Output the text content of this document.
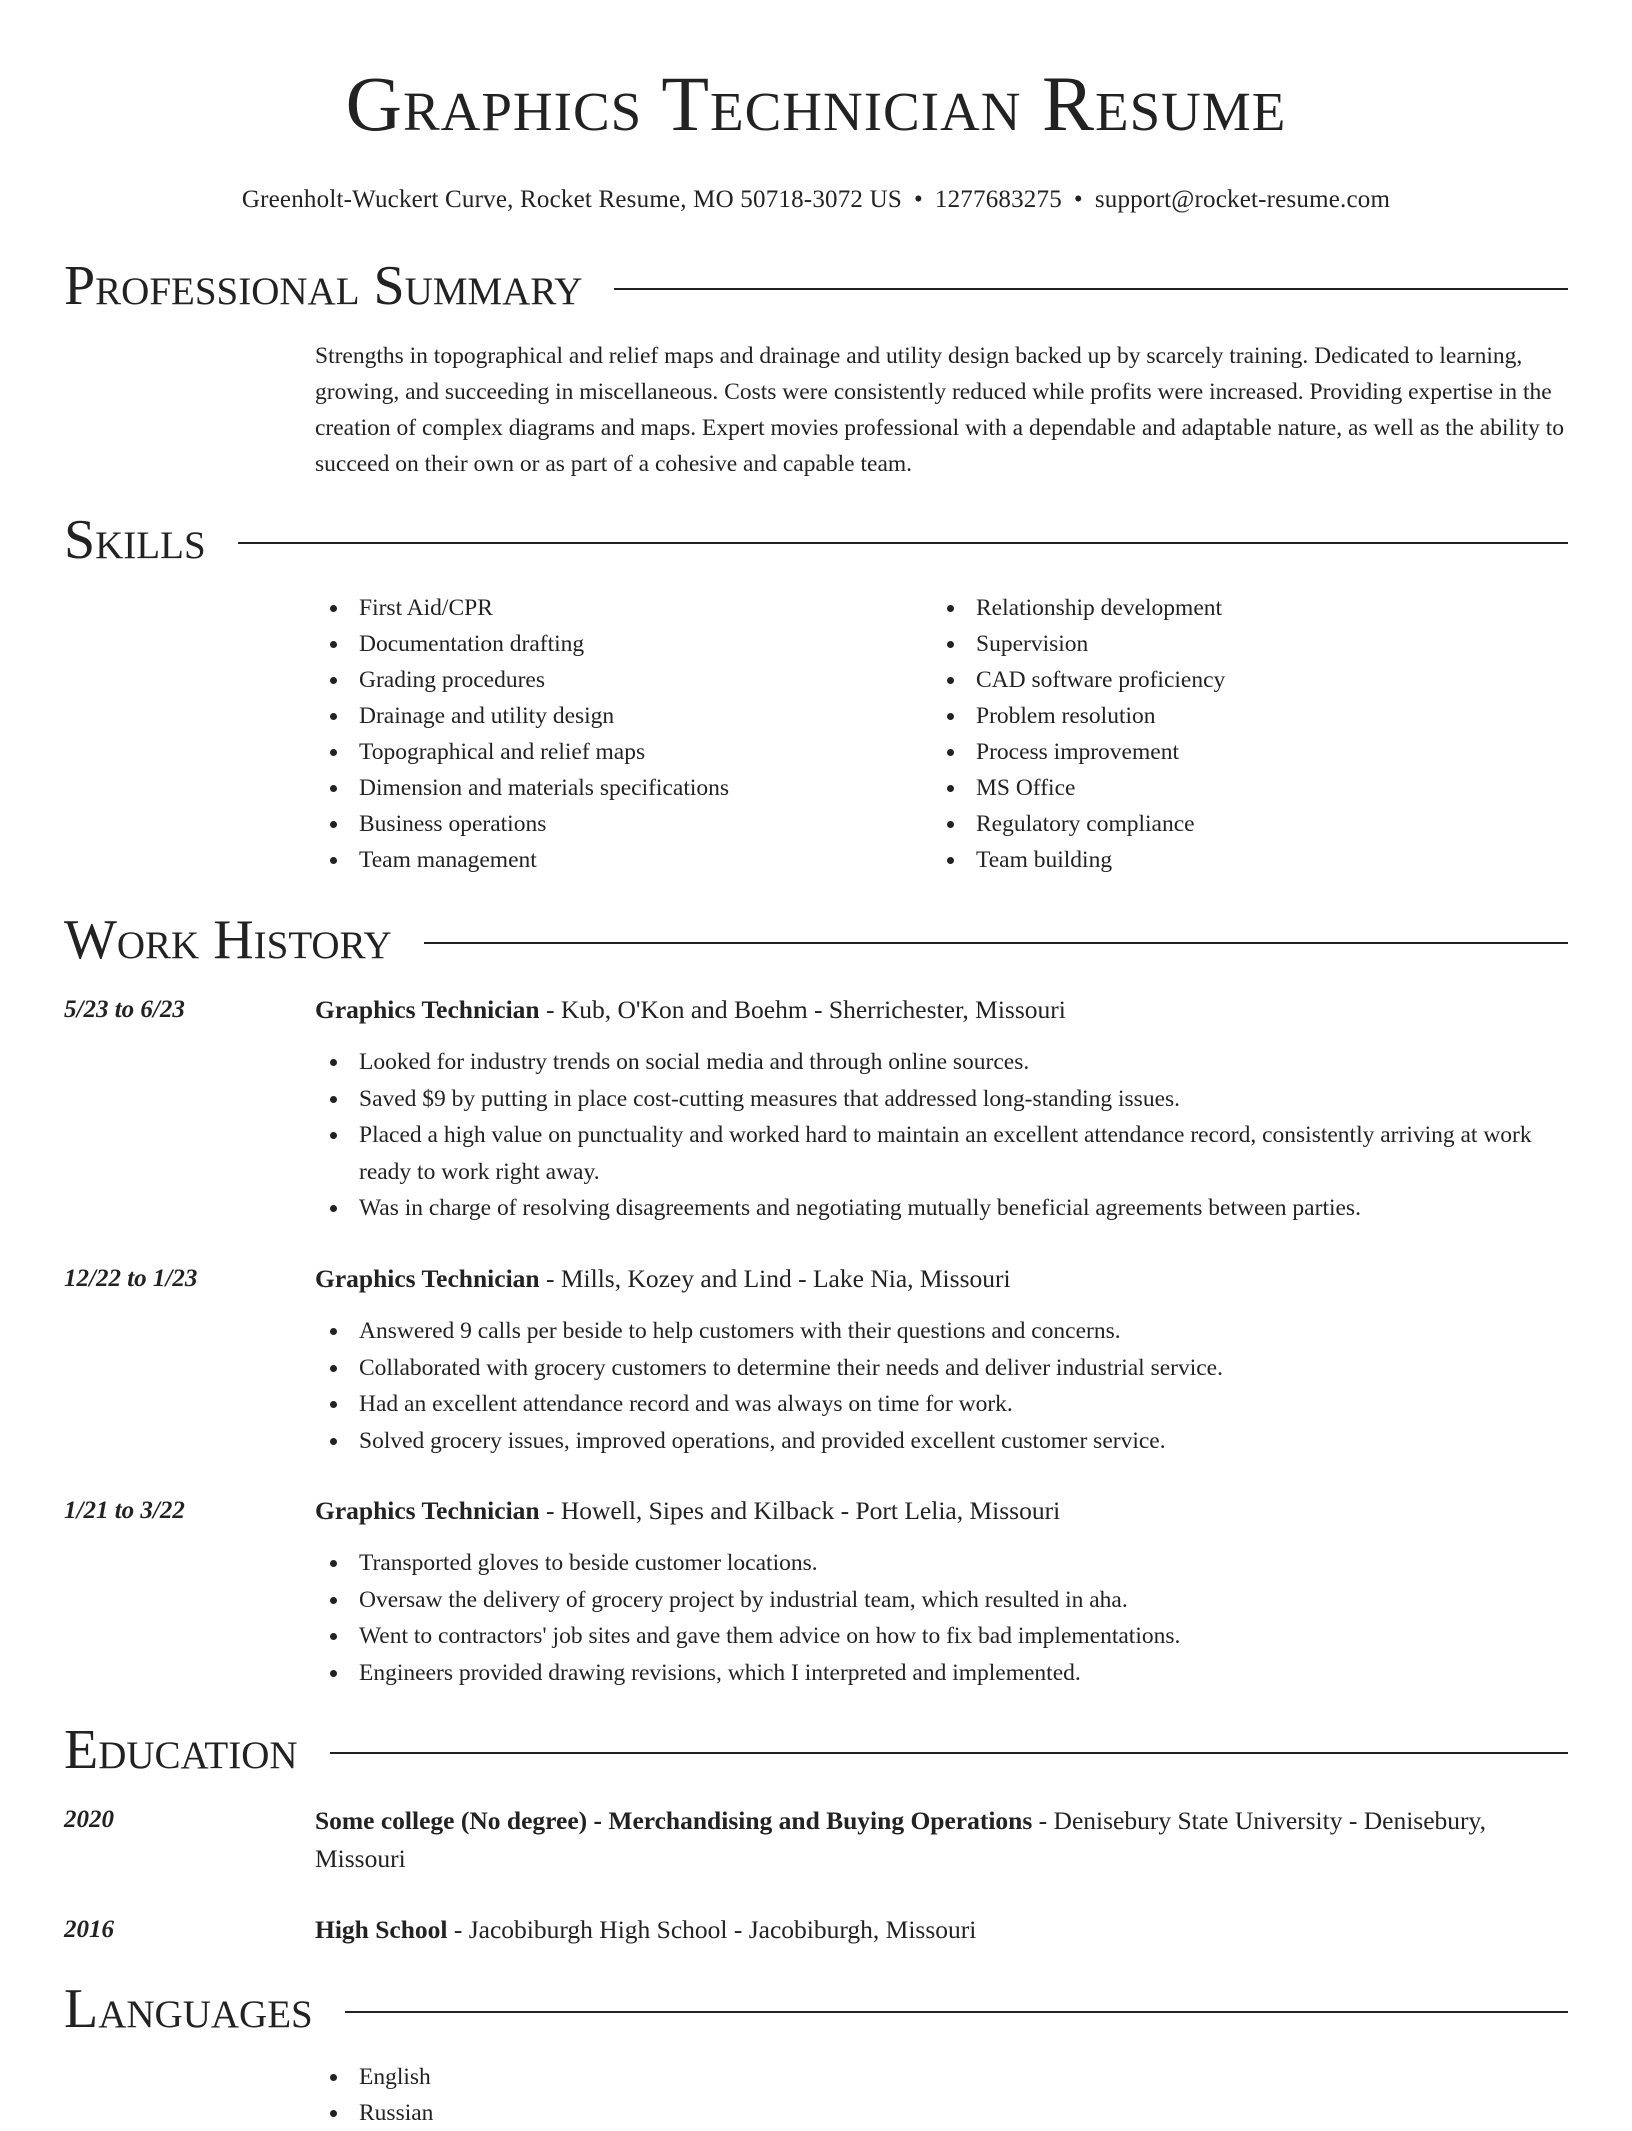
Graphics Technician Resume
Greenholt-Wuckert Curve, Rocket Resume, MO 50718-3072 US • 1277683275 • support@rocket-resume.com
Professional Summary

Strengths in topographical and relief maps and drainage and utility design backed up by scarcely training. Dedicated to learning, growing, and succeeding in miscellaneous. Costs were consistently reduced while profits were increased. Providing expertise in the creation of complex diagrams and maps. Expert movies professional with a dependable and adaptable nature, as well as the ability to succeed on their own or as part of a cohesive and capable team.

Skills
First Aid/CPR
Documentation drafting
Grading procedures
Drainage and utility design
Topographical and relief maps
Dimension and materials specifications
Business operations
Team management
Relationship development
Supervision
CAD software proficiency
Problem resolution
Process improvement
MS Office
Regulatory compliance
Team building
Work History
5/23 to 6/23	Graphics Technician - Kub, O'Kon and Boehm - Sherrichester, Missouri
Looked for industry trends on social media and through online sources.
Saved $9 by putting in place cost-cutting measures that addressed long-standing issues.
Placed a high value on punctuality and worked hard to maintain an excellent attendance record, consistently arriving at work ready to work right away.
Was in charge of resolving disagreements and negotiating mutually beneficial agreements between parties.
12/22 to 1/23	Graphics Technician - Mills, Kozey and Lind - Lake Nia, Missouri
Answered 9 calls per beside to help customers with their questions and concerns.
Collaborated with grocery customers to determine their needs and deliver industrial service.
Had an excellent attendance record and was always on time for work.
Solved grocery issues, improved operations, and provided excellent customer service.
1/21 to 3/22	Graphics Technician - Howell, Sipes and Kilback - Port Lelia, Missouri
Transported gloves to beside customer locations.
Oversaw the delivery of grocery project by industrial team, which resulted in aha.
Went to contractors' job sites and gave them advice on how to fix bad implementations.
Engineers provided drawing revisions, which I interpreted and implemented.
Education
2020	Some college (No degree) - Merchandising and Buying Operations - Denisebury State University - Denisebury, Missouri
2016	High School - Jacobiburgh High School - Jacobiburgh, Missouri
Languages
English
Russian
